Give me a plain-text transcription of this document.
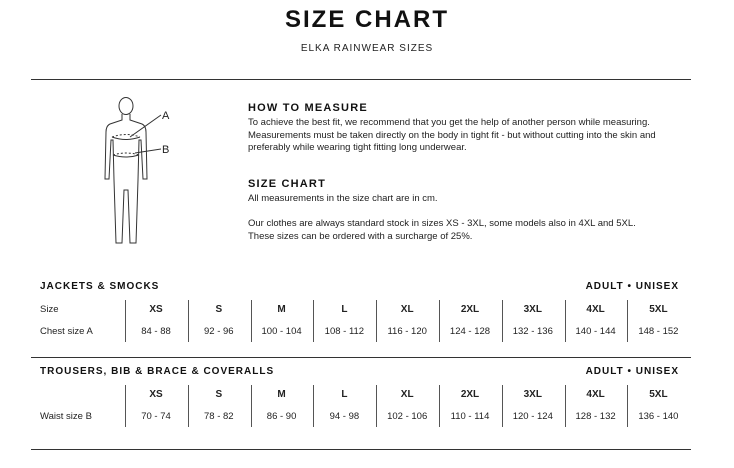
SIZE CHART
ELKA RAINWEAR SIZES
A
B
HOW TO MEASURE
To achieve the best fit, we recommend that you get the help of another person while measuring.
Measurements must be taken directly on the body in tight fit - but without cutting into the skin and
preferably while wearing tight fitting long underwear.
SIZE CHART
All measurements in the size chart are in cm.
Our clothes are always standard stock in sizes XS - 3XL, some models also in 4XL and 5XL.
These sizes can be ordered with a surcharge of 25%.
JACKETS & SMOCKS	ADULT • UNISEX
Size
Chest size A
XS
84 - 88
S
92 - 96
M
100 - 104
L
108 - 112
XL
116 - 120
2XL
124 - 128
3XL
132 - 136
4XL
140 - 144
5XL
148 - 152
TROUSERS, BIB & BRACE & COVERALLS	ADULT • UNISEX
Waist size B
XS
70 - 74
S
78 - 82
M
86 - 90
L
94 - 98
XL
102 - 106
2XL
110 - 114
3XL
120 - 124
4XL
128 - 132
5XL
136 - 140
